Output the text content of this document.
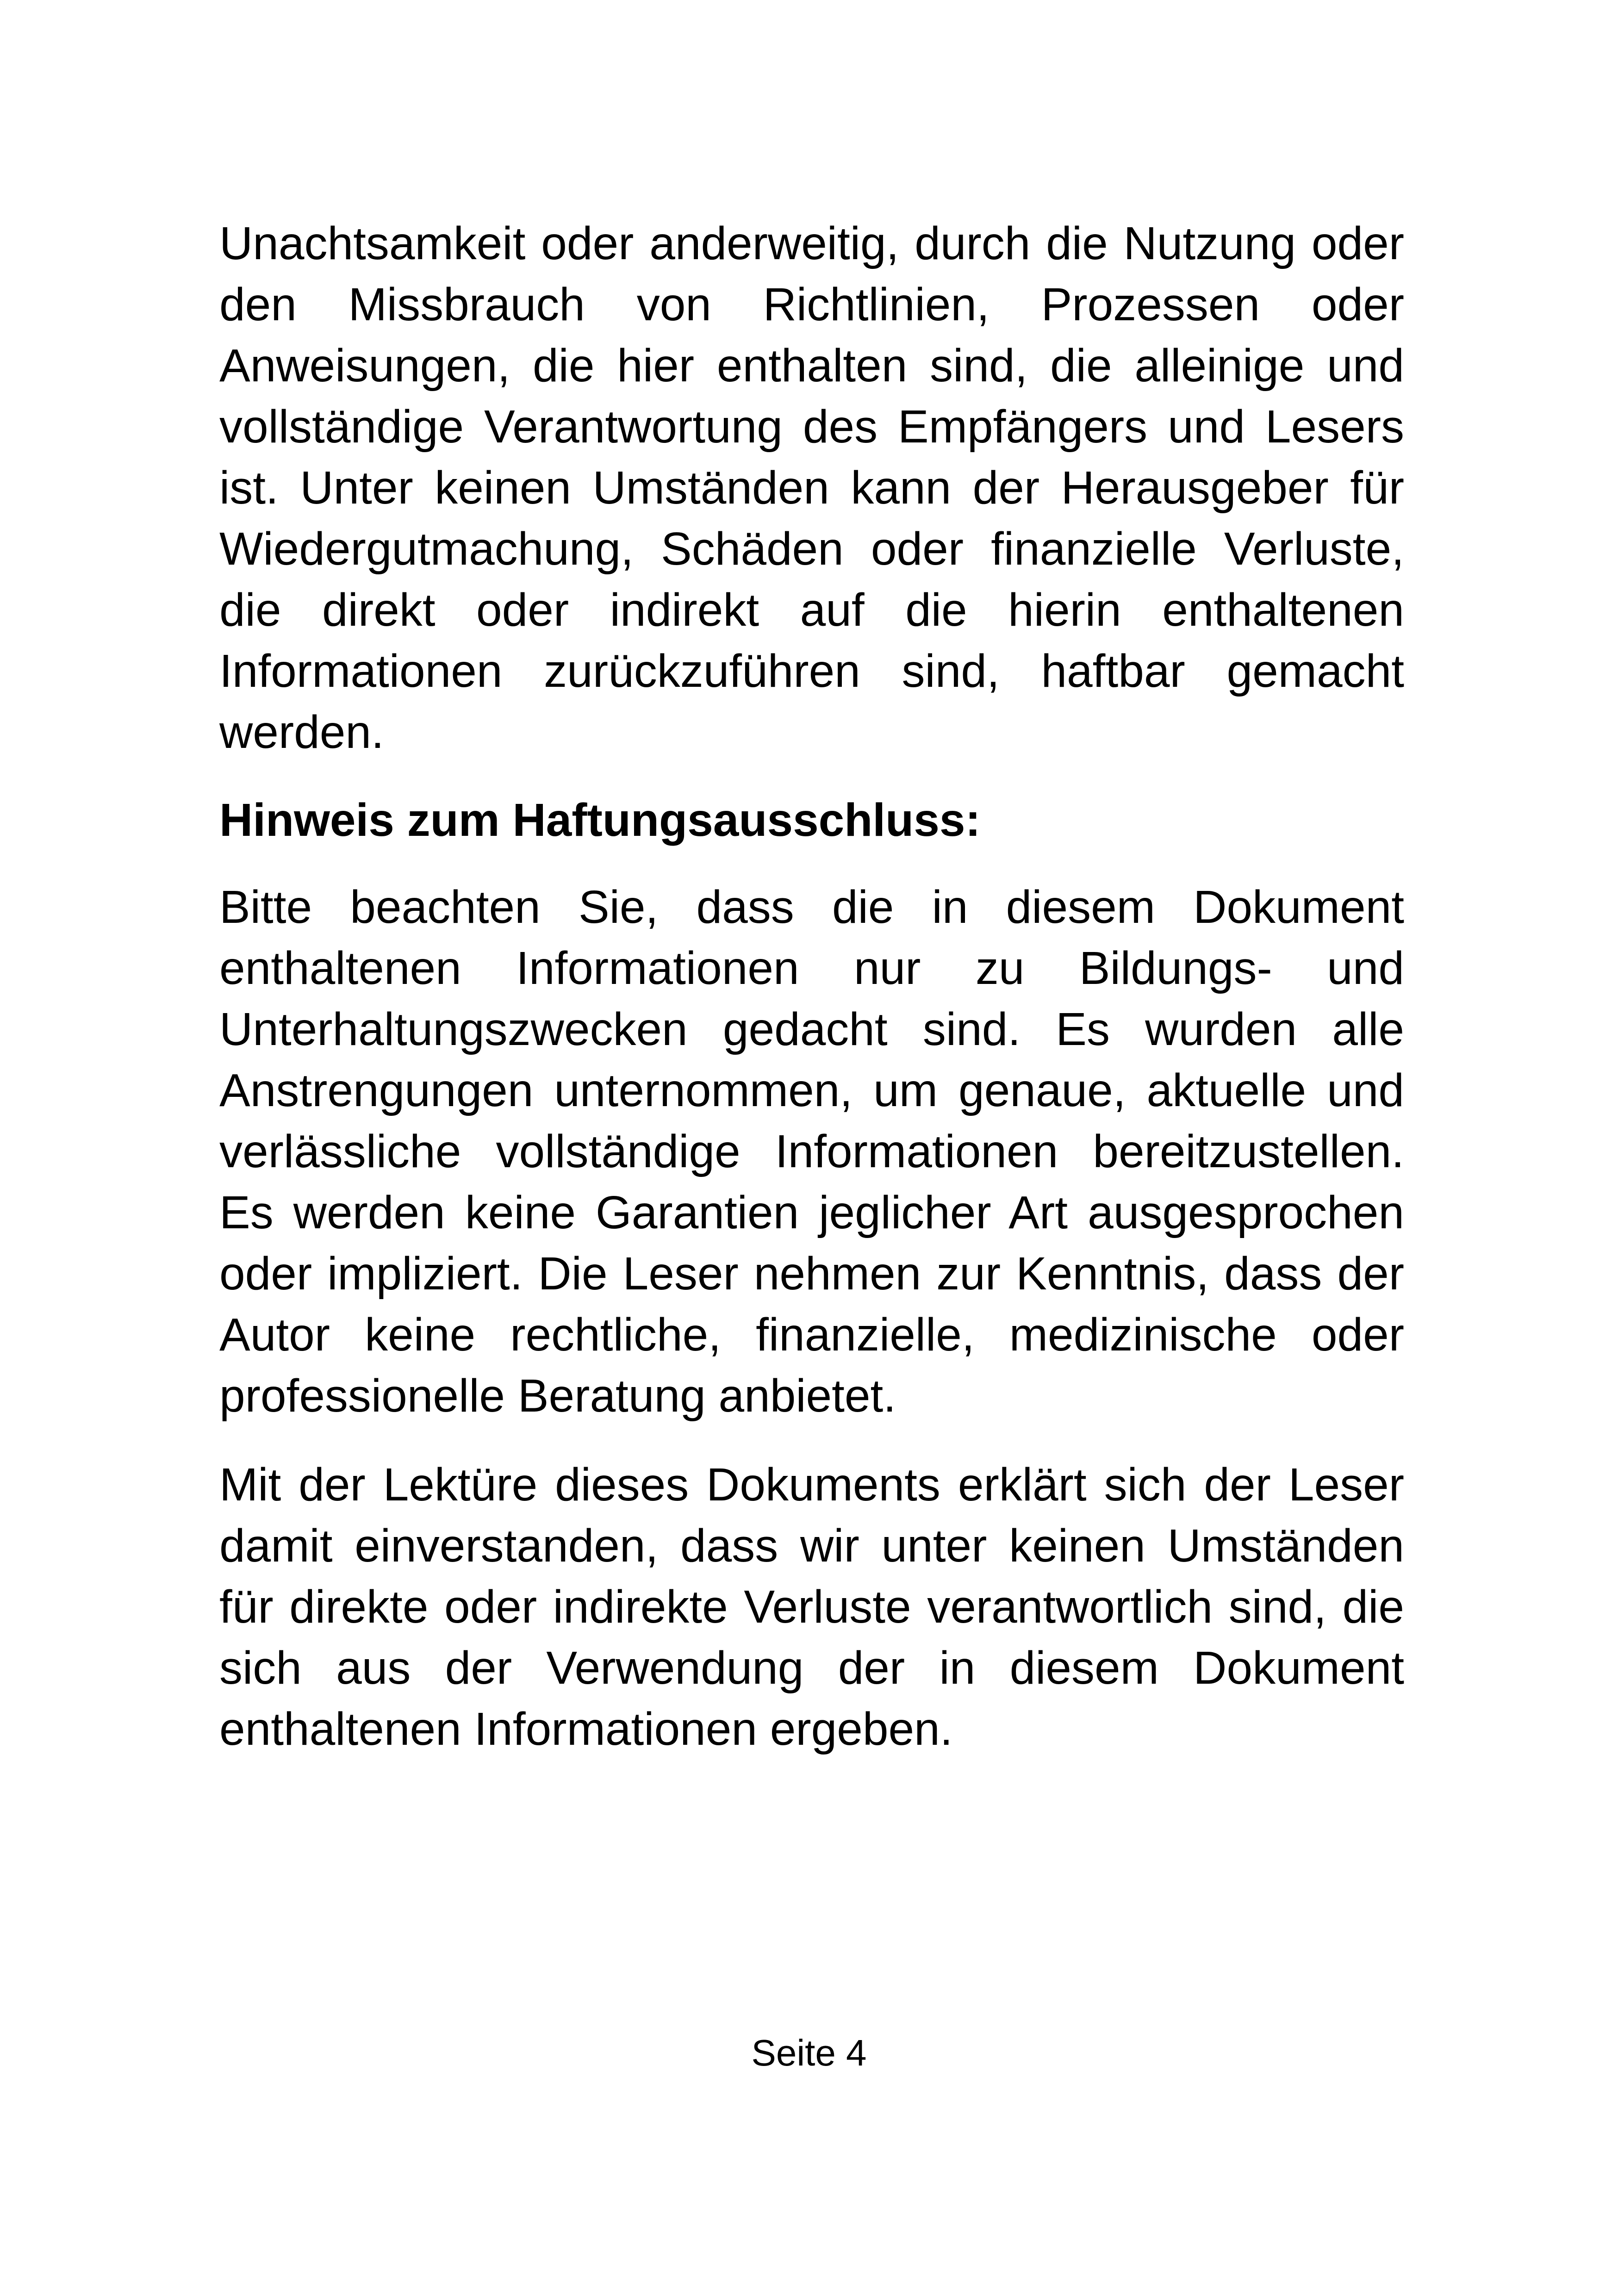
Unachtsamkeit oder anderweitig, durch die Nutzung oder den Missbrauch von Richtlinien, Prozessen oder Anweisungen, die hier enthalten sind, die alleinige und vollständige Verantwortung des Empfängers und Lesers ist. Unter keinen Umständen kann der Herausgeber für Wiedergutmachung, Schäden oder finanzielle Verluste, die direkt oder indirekt auf die hierin enthaltenen Informationen zurückzuführen sind, haftbar gemacht werden.

Hinweis zum Haftungsausschluss:

Bitte beachten Sie, dass die in diesem Dokument enthaltenen Informationen nur zu Bildungs- und Unterhaltungszwecken gedacht sind. Es wurden alle Anstrengungen unternommen, um genaue, aktuelle und verlässliche vollständige Informationen bereitzustellen. Es werden keine Garantien jeglicher Art ausgesprochen oder impliziert. Die Leser nehmen zur Kenntnis, dass der Autor keine rechtliche, finanzielle, medizinische oder professionelle Beratung anbietet.

Mit der Lektüre dieses Dokuments erklärt sich der Leser damit einverstanden, dass wir unter keinen Umständen für direkte oder indirekte Verluste verantwortlich sind, die sich aus der Verwendung der in diesem Dokument enthaltenen Informationen ergeben.

Seite 4
